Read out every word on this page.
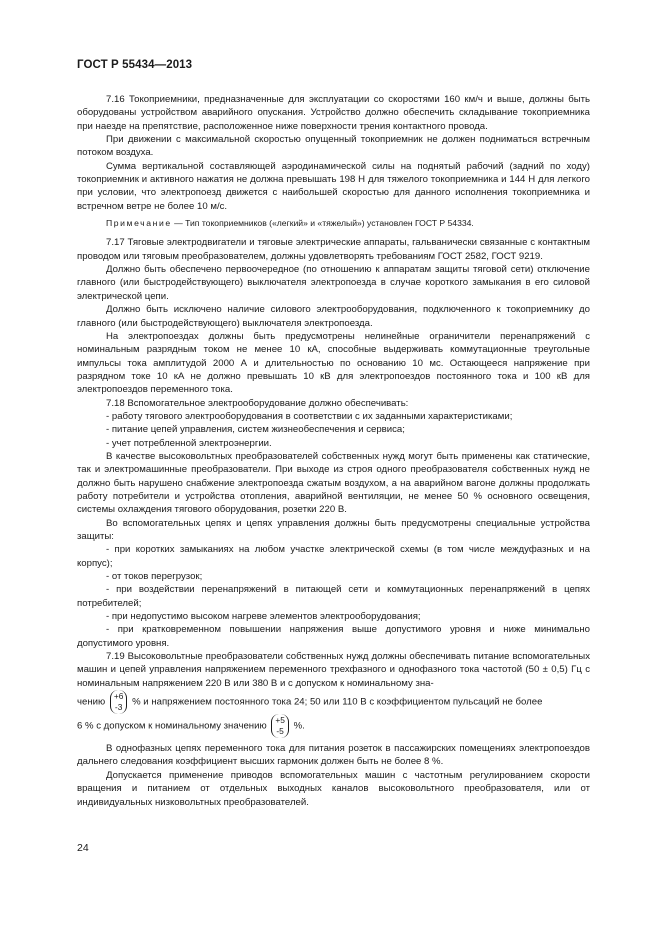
ГОСТ Р 55434—2013

7.16 Токоприемники, предназначенные для эксплуатации со скоростями 160 км/ч и выше, должны быть оборудованы устройством аварийного опускания. Устройство должно обеспечить складывание токоприемника при наезде на препятствие, расположенное ниже поверхности трения контактного провода.

При движении с максимальной скоростью опущенный токоприемник не должен подниматься встречным потоком воздуха.

Сумма вертикальной составляющей аэродинамической силы на поднятый рабочий (задний по ходу) токоприемник и активного нажатия не должна превышать 198 Н для тяжелого токоприемника и 144 Н для легкого при условии, что электропоезд движется с наибольшей скоростью для данного исполнения токоприемника и встречном ветре не более 10 м/с.

Примечание — Тип токоприемников («легкий» и «тяжелый») установлен ГОСТ Р 54334.

7.17 Тяговые электродвигатели и тяговые электрические аппараты, гальванически связанные с контактным проводом или тяговым преобразователем, должны удовлетворять требованиям ГОСТ 2582, ГОСТ 9219.

Должно быть обеспечено первоочередное (по отношению к аппаратам защиты тяговой сети) отключение главного (или быстродействующего) выключателя электропоезда в случае короткого замыкания в его силовой электрической цепи.

Должно быть исключено наличие силового электрооборудования, подключенного к токоприемнику до главного (или быстродействующего) выключателя электропоезда.

На электропоездах должны быть предусмотрены нелинейные ограничители перенапряжений с номинальным разрядным током не менее 10 кА, способные выдерживать коммутационные треугольные импульсы тока амплитудой 2000 А и длительностью по основанию 10 мс. Остающееся напряжение при разрядном токе 10 кА не должно превышать 10 кВ для электропоездов постоянного тока и 100 кВ для электропоездов переменного тока.

7.18 Вспомогательное электрооборудование должно обеспечивать:

- работу тягового электрооборудования в соответствии с их заданными характеристиками;

- питание цепей управления, систем жизнеобеспечения и сервиса;

- учет потребленной электроэнергии.

В качестве высоковольтных преобразователей собственных нужд могут быть применены как статические, так и электромашинные преобразователи. При выходе из строя одного преобразователя собственных нужд не должно быть нарушено снабжение электропоезда сжатым воздухом, а на аварийном вагоне должны продолжать работу потребители и устройства отопления, аварийной вентиляции, не менее 50 % основного освещения, системы охлаждения тягового оборудования, розетки 220 В.

Во вспомогательных цепях и цепях управления должны быть предусмотрены специальные устройства защиты:

- при коротких замыканиях на любом участке электрической схемы (в том числе междуфазных и на корпус);

- от токов перегрузок;

- при воздействии перенапряжений в питающей сети и коммутационных перенапряжений в цепях потребителей;

- при недопустимо высоком нагреве элементов электрооборудования;

- при кратковременном повышении напряжения выше допустимого уровня и ниже минимально допустимого уровня.

7.19 Высоковольтные преобразователи собственных нужд должны обеспечивать питание вспомогательных машин и цепей управления напряжением переменного трехфазного и однофазного тока частотой (50 ± 0,5) Гц с номинальным напряжением 220 В или 380 В и с допуском к номинальному зна-

чению
+6
-3 % и напряжением постоянного тока 24; 50 или 110 В с коэффициентом пульсаций не более

6 % с допуском к номинальному значению
+5
-5 %.

В однофазных цепях переменного тока для питания розеток в пассажирских помещениях электропоездов дальнего следования коэффициент высших гармоник должен быть не более 8 %.

Допускается применение приводов вспомогательных машин с частотным регулированием скорости вращения и питанием от отдельных выходных каналов высоковольтного преобразователя, или от индивидуальных низковольтных преобразователей.

24
